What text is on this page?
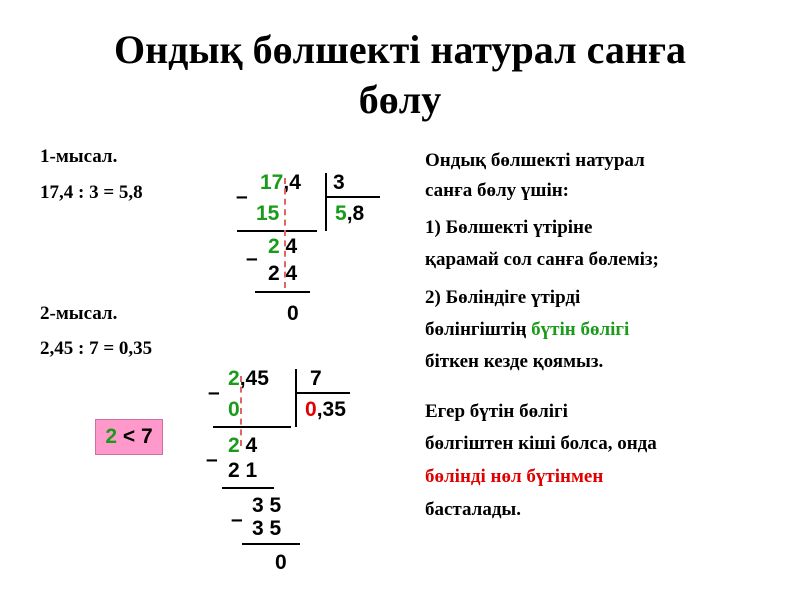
Ондық бөлшекті натурал санға
бөлу
1-мысал.
17,4 : 3 = 5,8
2-мысал.
2,45 : 7 = 0,35
17,4 3
–
15	5,8
2 4
–
2 4
0
2,45 7
–
0	0,35
2 4
– 2 1
3 5
– 3 5
0
2
<
7
Ондық бөлшекті натурал
санға бөлу үшін:
1) Бөлшекті үтіріне
қарамай сол санға бөлеміз;
2) Бөліндіге үтірді
бөлінгіштің бүтін бөлігі
біткен кезде қоямыз.
Егер бүтін бөлігі
бөлгіштен кіші болса, онда
бөлінді нөл бүтінмен
басталады.
